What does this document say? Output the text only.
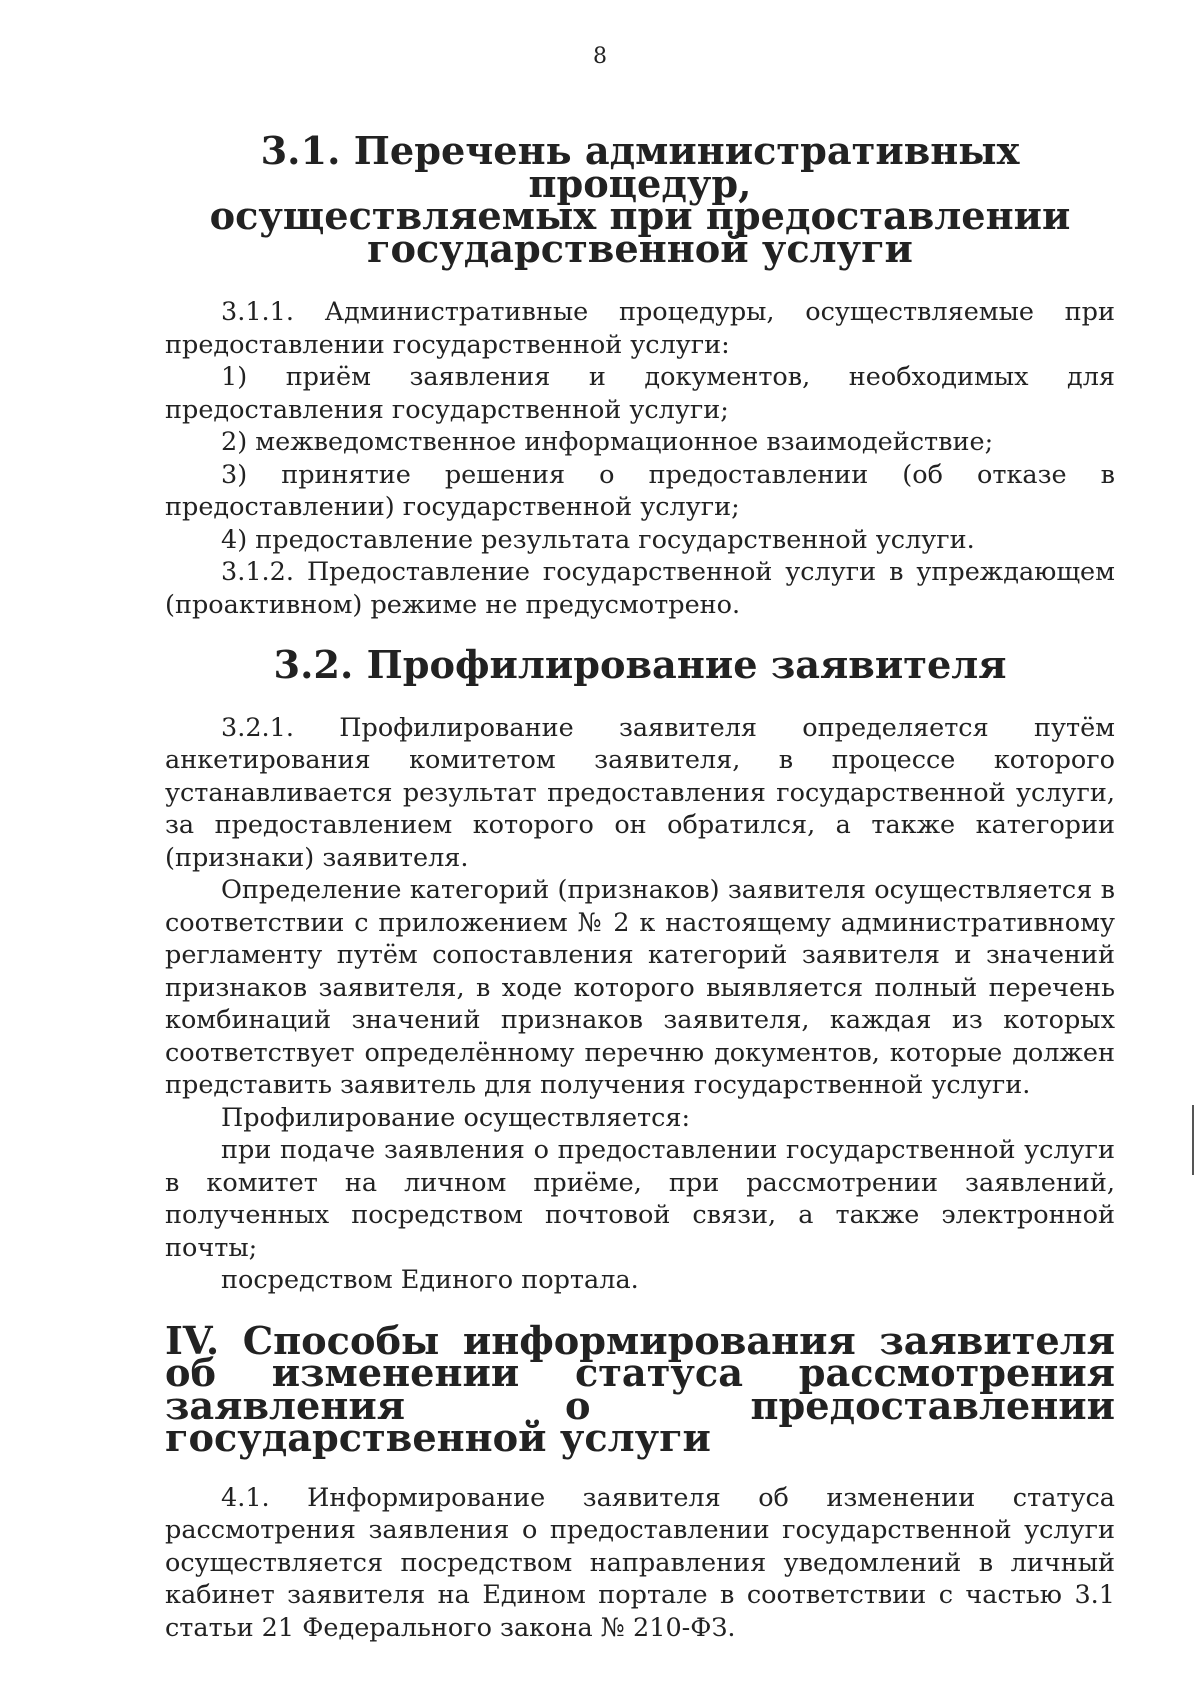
8
3.1. Перечень административных процедур,
осуществляемых при предоставлении государственной услуги

3.1.1. Административные процедуры, осуществляемые при предоставлении государственной услуги:

1) приём заявления и документов, необходимых для предоставления государственной услуги;

2) межведомственное информационное взаимодействие;

3) принятие решения о предоставлении (об отказе в предоставлении) государственной услуги;

4) предоставление результата государственной услуги.

3.1.2. Предоставление государственной услуги в упреждающем (проактивном) режиме не предусмотрено.

3.2. Профилирование заявителя

3.2.1. Профилирование заявителя определяется путём анкетирования комитетом заявителя, в процессе которого устанавливается результат предоставления государственной услуги, за предоставлением которого он обратился, а также категории (признаки) заявителя.

Определение категорий (признаков) заявителя осуществляется в соответствии с приложением № 2 к настоящему административному регламенту путём сопоставления категорий заявителя и значений признаков заявителя, в ходе которого выявляется полный перечень комбинаций значений признаков заявителя, каждая из которых соответствует определённому перечню документов, которые должен представить заявитель для получения государственной услуги.

Профилирование осуществляется:

при подаче заявления о предоставлении государственной услуги в комитет на личном приёме, при рассмотрении заявлений, полученных посредством почтовой связи, а также электронной почты;

посредством Единого портала.

IV. Способы информирования заявителя об изменении статуса рассмотрения заявления о предоставлении государственной услуги

4.1. Информирование заявителя об изменении статуса рассмотрения заявления о предоставлении государственной услуги осуществляется посредством направления уведомлений в личный кабинет заявителя на Едином портале в соответствии с частью 3.1 статьи 21 Федерального закона № 210-ФЗ.
